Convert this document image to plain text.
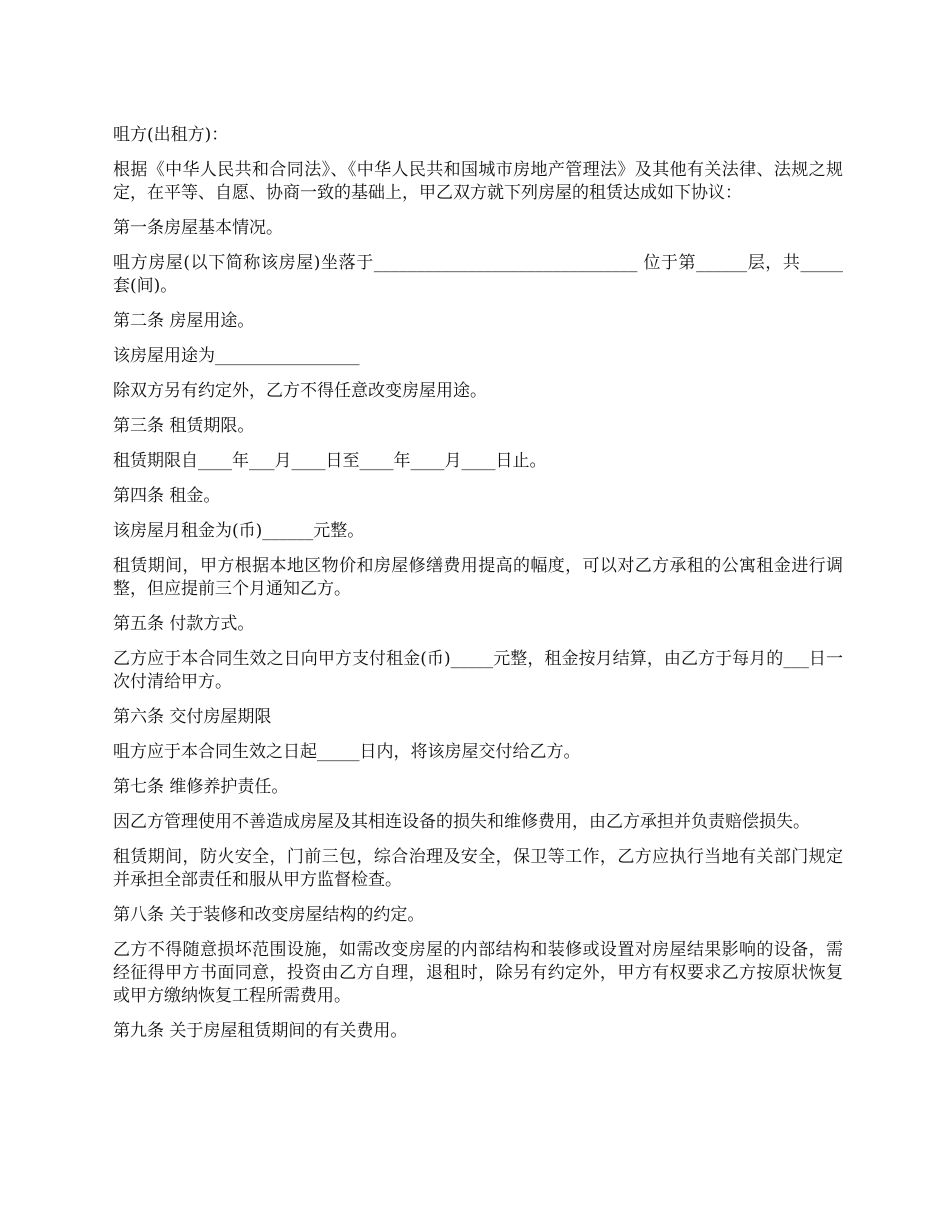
咀方(出租方)：

根据《中华人民共和合同法》、《中华人民共和国城市房地产管理法》及其他有关法律、法规之规定，在平等、自愿、协商一致的基础上，甲乙双方就下列房屋的租赁达成如下协议：

第一条房屋基本情况。

咀方房屋(以下简称该房屋)坐落于_______________________________ 位于第______层，共_____套(间)。

第二条 房屋用途。

该房屋用途为_________________

除双方另有约定外，乙方不得任意改变房屋用途。

第三条 租赁期限。

租赁期限自____年___月____日至____年____月____日止。

第四条 租金。

该房屋月租金为(币)______元整。

租赁期间，甲方根据本地区物价和房屋修缮费用提高的幅度，可以对乙方承租的公寓租金进行调整，但应提前三个月通知乙方。

第五条 付款方式。

乙方应于本合同生效之日向甲方支付租金(币)_____元整，租金按月结算，由乙方于每月的___日一次付清给甲方。

第六条 交付房屋期限

咀方应于本合同生效之日起_____日内，将该房屋交付给乙方。

第七条 维修养护责任。

因乙方管理使用不善造成房屋及其相连设备的损失和维修费用，由乙方承担并负责赔偿损失。

租赁期间，防火安全，门前三包，综合治理及安全，保卫等工作，乙方应执行当地有关部门规定并承担全部责任和服从甲方监督检查。

第八条 关于装修和改变房屋结构的约定。

乙方不得随意损坏范围设施，如需改变房屋的内部结构和装修或设置对房屋结果影响的设备，需经征得甲方书面同意，投资由乙方自理，退租时，除另有约定外，甲方有权要求乙方按原状恢复或甲方缴纳恢复工程所需费用。

第九条 关于房屋租赁期间的有关费用。
